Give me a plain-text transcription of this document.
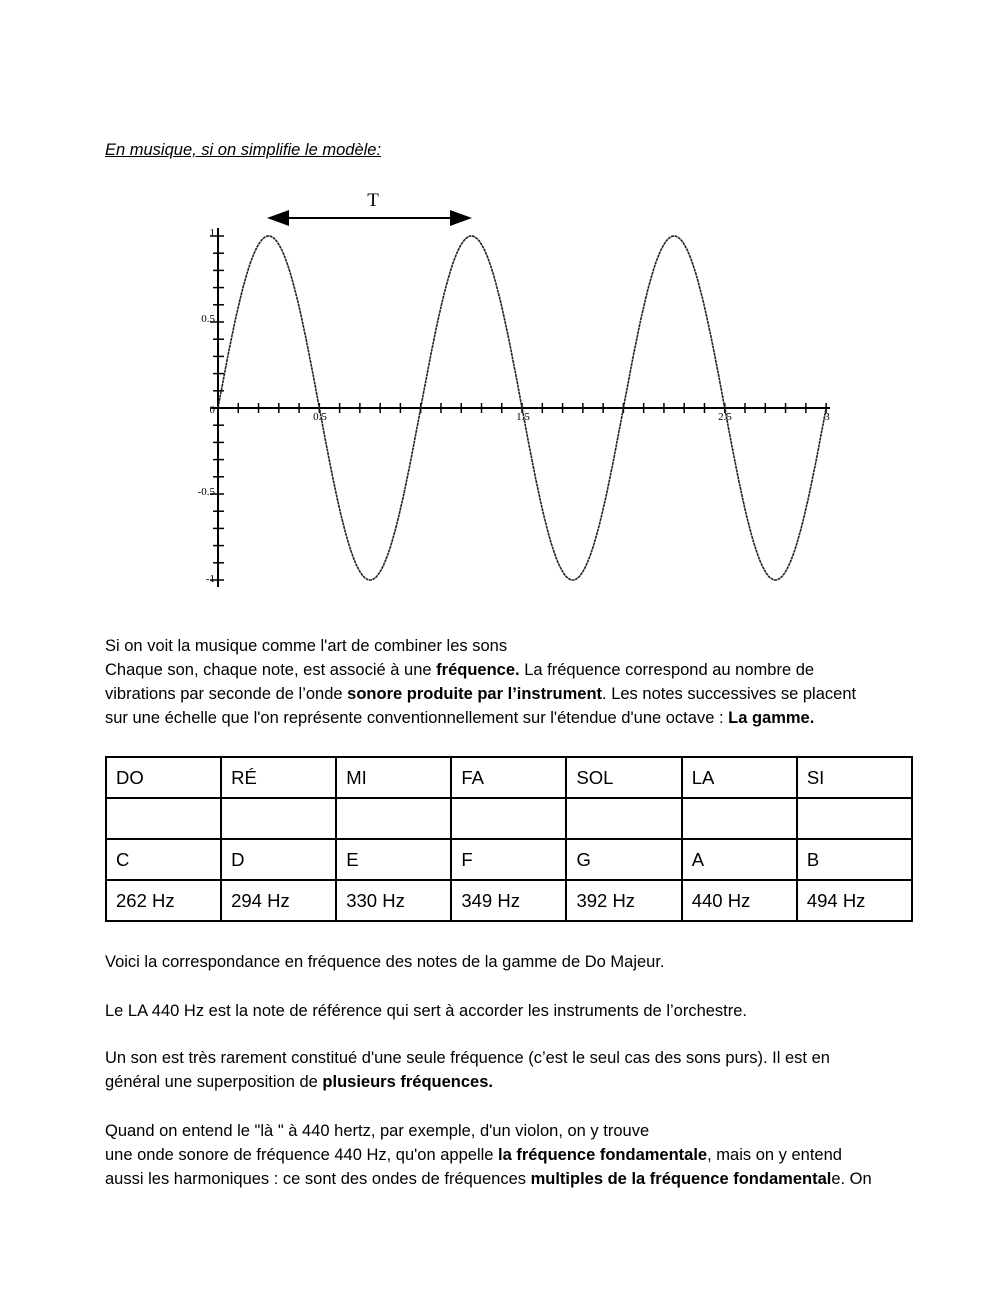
En musique, si on simplifie le modèle:

T
1
0.5
0
-0.5
-1
0.5	1.5	2.5	3

Si on voit la musique comme l'art de combiner les sons

Chaque son, chaque note, est associé à une fréquence. La fréquence correspond au nombre de

vibrations par seconde de l’onde sonore produite par l’instrument. Les notes successives se placent

sur une échelle que l'on représente conventionnellement sur l'étendue d'une octave : La gamme.

DO	RÉ	MI	FA	SOL	LA	SI

C	D	E	F	G	A	B
262 Hz	294 Hz	330 Hz	349 Hz	392 Hz	440 Hz	494 Hz

Voici la correspondance en fréquence des notes de la gamme de Do Majeur.

Le LA 440 Hz est la note de référence qui sert à accorder les instruments de l’orchestre.

Un son est très rarement constitué d'une seule fréquence (c’est le seul cas des sons purs). Il est en

général une superposition de plusieurs fréquences.

Quand on entend le "là " à 440 hertz, par exemple, d'un violon, on y trouve

une onde sonore de fréquence 440 Hz, qu'on appelle la fréquence fondamentale, mais on y entend

aussi les harmoniques : ce sont des ondes de fréquences multiples de la fréquence fondamentale. On
